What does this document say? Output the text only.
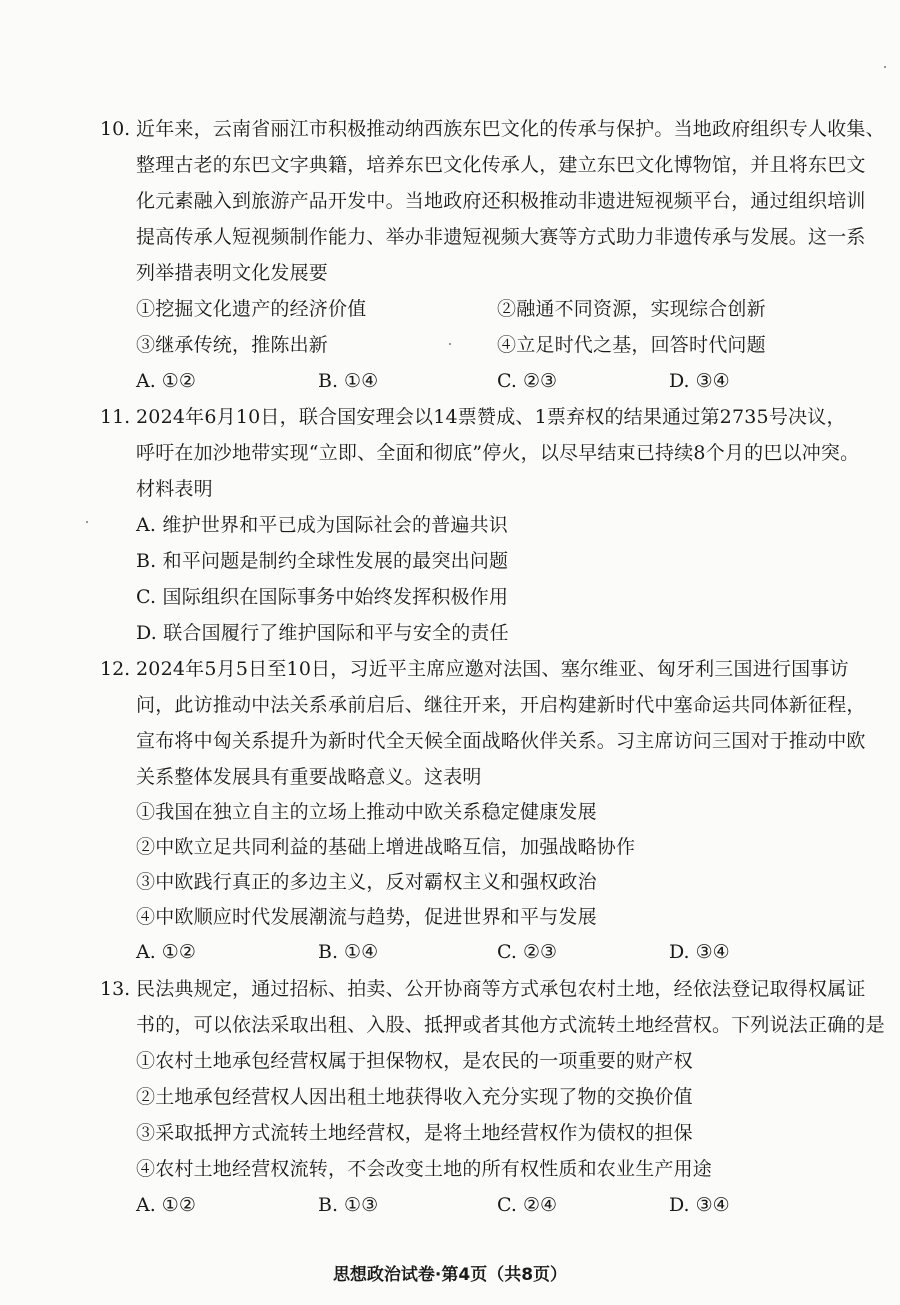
10. 近年来，云南省丽江市积极推动纳西族东巴文化的传承与保护。当地政府组织专人收集、
整理古老的东巴文字典籍，培养东巴文化传承人，建立东巴文化博物馆，并且将东巴文
化元素融入到旅游产品开发中。当地政府还积极推动非遗进短视频平台，通过组织培训
提高传承人短视频制作能力、举办非遗短视频大赛等方式助力非遗传承与发展。这一系
列举措表明文化发展要
①挖掘文化遗产的经济价值	②融通不同资源，实现综合创新
③继承传统，推陈出新	④立足时代之基，回答时代问题
A. ①②	B. ①④	C. ②③	D. ③④
11. 2024年6月10日，联合国安理会以14票赞成、1票弃权的结果通过第2735号决议，
呼吁在加沙地带实现“立即、全面和彻底”停火，以尽早结束已持续8个月的巴以冲突。
材料表明
A. 维护世界和平已成为国际社会的普遍共识
B. 和平问题是制约全球性发展的最突出问题
C. 国际组织在国际事务中始终发挥积极作用
D. 联合国履行了维护国际和平与安全的责任
12. 2024年5月5日至10日，习近平主席应邀对法国、塞尔维亚、匈牙利三国进行国事访
问，此访推动中法关系承前启后、继往开来，开启构建新时代中塞命运共同体新征程，
宣布将中匈关系提升为新时代全天候全面战略伙伴关系。习主席访问三国对于推动中欧
关系整体发展具有重要战略意义。这表明
①我国在独立自主的立场上推动中欧关系稳定健康发展
②中欧立足共同利益的基础上增进战略互信，加强战略协作
③中欧践行真正的多边主义，反对霸权主义和强权政治
④中欧顺应时代发展潮流与趋势，促进世界和平与发展
A. ①②	B. ①④	C. ②③	D. ③④
13. 民法典规定，通过招标、拍卖、公开协商等方式承包农村土地，经依法登记取得权属证
书的，可以依法采取出租、入股、抵押或者其他方式流转土地经营权。下列说法正确的是
①农村土地承包经营权属于担保物权，是农民的一项重要的财产权
②土地承包经营权人因出租土地获得收入充分实现了物的交换价值
③采取抵押方式流转土地经营权，是将土地经营权作为债权的担保
④农村土地经营权流转，不会改变土地的所有权性质和农业生产用途
A. ①②	B. ①③	C. ②④	D. ③④
思想政治试卷·第4页（共8页）
